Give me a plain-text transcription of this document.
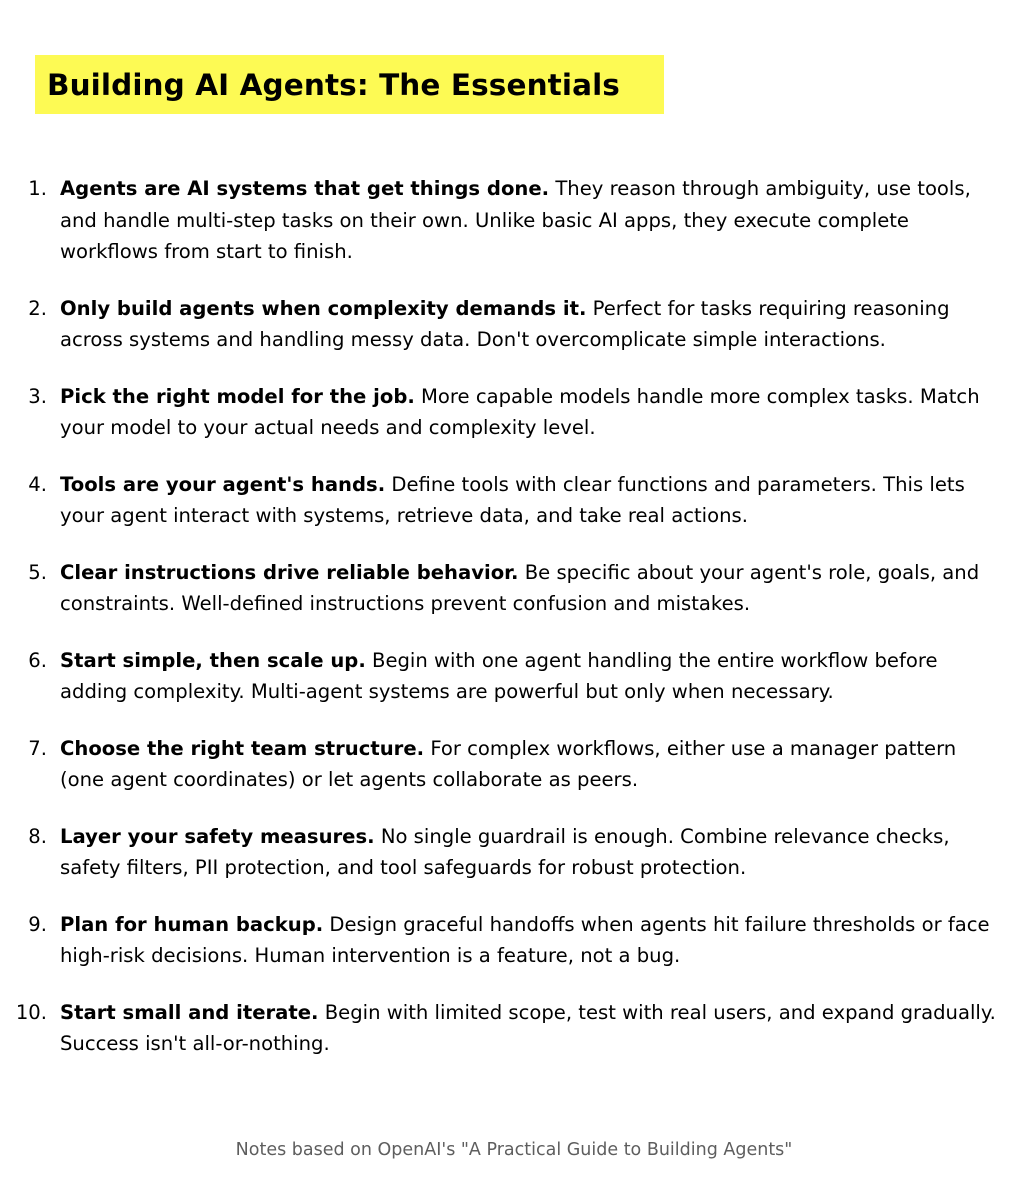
Building AI Agents: The Essentials
1. Agents are AI systems that get things done. They reason through ambiguity, use tools, and handle multi-step tasks on their own. Unlike basic AI apps, they execute complete workflows from start to finish.
2. Only build agents when complexity demands it. Perfect for tasks requiring reasoning across systems and handling messy data. Don't overcomplicate simple interactions.
3. Pick the right model for the job. More capable models handle more complex tasks. Match your model to your actual needs and complexity level.
4. Tools are your agent's hands. Define tools with clear functions and parameters. This lets your agent interact with systems, retrieve data, and take real actions.
5. Clear instructions drive reliable behavior. Be specific about your agent's role, goals, and constraints. Well-defined instructions prevent confusion and mistakes.
6. Start simple, then scale up. Begin with one agent handling the entire workflow before adding complexity. Multi-agent systems are powerful but only when necessary.
7. Choose the right team structure. For complex workflows, either use a manager pattern (one agent coordinates) or let agents collaborate as peers.
8. Layer your safety measures. No single guardrail is enough. Combine relevance checks, safety filters, PII protection, and tool safeguards for robust protection.
9. Plan for human backup. Design graceful handoffs when agents hit failure thresholds or face high-risk decisions. Human intervention is a feature, not a bug.
10. Start small and iterate. Begin with limited scope, test with real users, and expand gradually. Success isn't all-or-nothing.
Notes based on OpenAI's "A Practical Guide to Building Agents"
